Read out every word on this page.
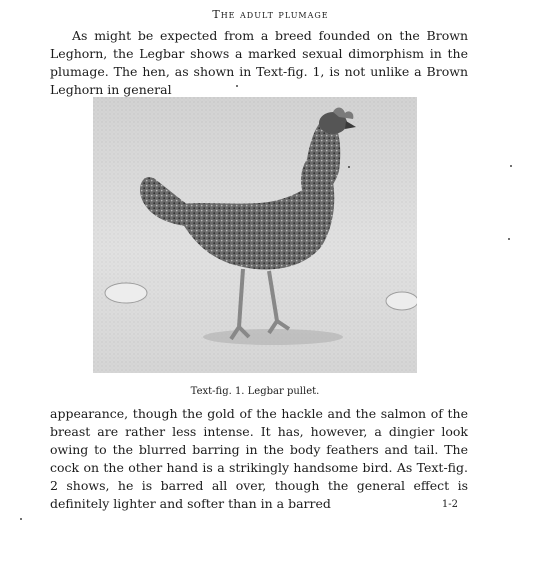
The adult plumage

As might be expected from a breed founded on the Brown Leghorn, the Legbar shows a marked sexual dimorphism in the plumage. The hen, as shown in Text-fig. 1, is not unlike a Brown Leghorn in general

Text-fig. 1. Legbar pullet.

appearance, though the gold of the hackle and the salmon of the breast are rather less intense. It has, however, a dingier look owing to the blurred barring in the body feathers and tail. The cock on the other hand is a strikingly handsome bird. As Text-fig. 2 shows, he is barred all over, though the general effect is definitely lighter and softer than in a barred	1-2
